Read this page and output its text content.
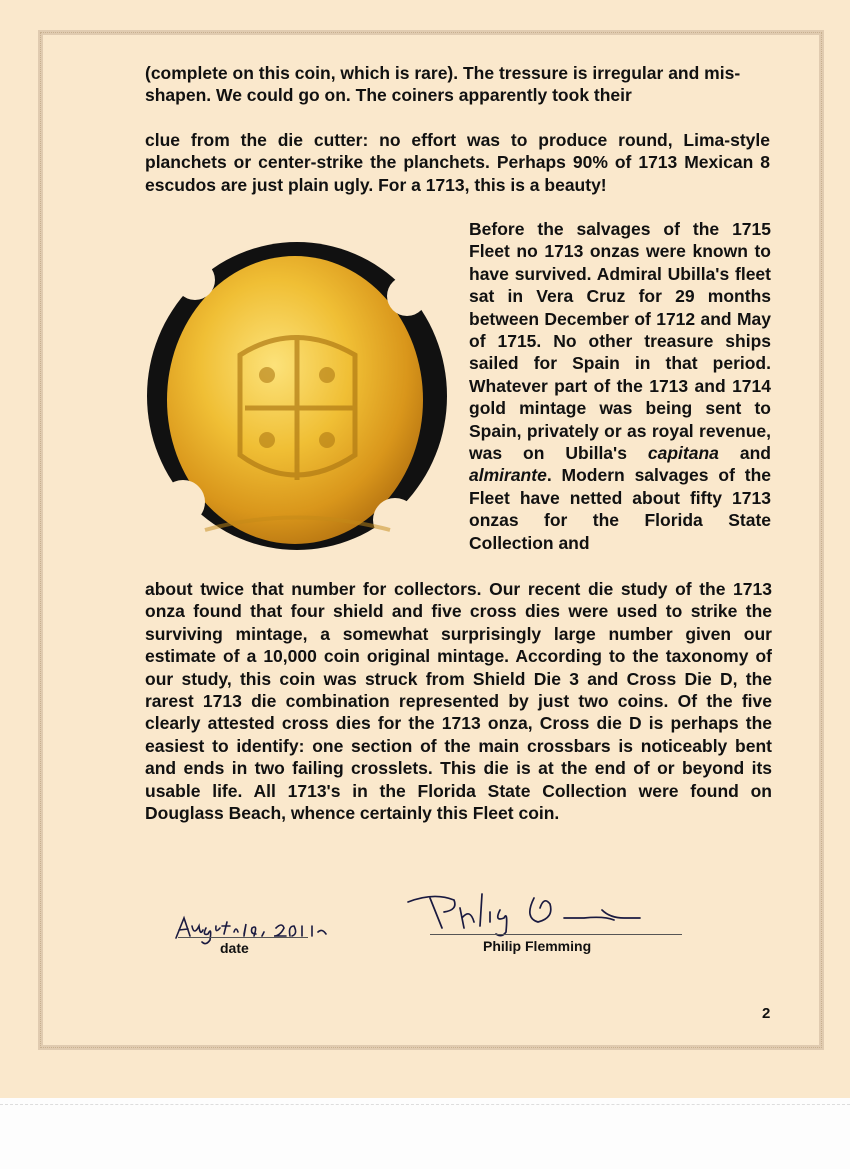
(complete on this coin, which is rare). The tressure is irregular and mis-shapen. We could go on. The coiners apparently took their

clue from the die cutter: no effort was to produce round, Lima-style planchets or center-strike the planchets. Perhaps 90% of 1713 Mexican 8 escudos are just plain ugly. For a 1713, this is a beauty!

Before the salvages of the 1715 Fleet no 1713 onzas were known to have survived. Admiral Ubilla's fleet sat in Vera Cruz for 29 months between December of 1712 and May of 1715. No other treasure ships sailed for Spain in that period. Whatever part of the 1713 and 1714 gold mintage was being sent to Spain, privately or as royal revenue, was on Ubilla's capitana and almirante. Modern salvages of the Fleet have netted about fifty 1713 onzas for the Florida State Collection and

about twice that number for collectors. Our recent die study of the 1713 onza found that four shield and five cross dies were used to strike the surviving mintage, a somewhat surprisingly large number given our estimate of a 10,000 coin original mintage. According to the taxonomy of our study, this coin was struck from Shield Die 3 and Cross Die D, the rarest 1713 die combination represented by just two coins. Of the five clearly attested cross dies for the 1713 onza, Cross die D is perhaps the easiest to identify: one section of the main crossbars is noticeably bent and ends in two failing crosslets. This die is at the end of or beyond its usable life. All 1713's in the Florida State Collection were found on Douglass Beach, whence certainly this Fleet coin.

date	Philip Flemming
2
